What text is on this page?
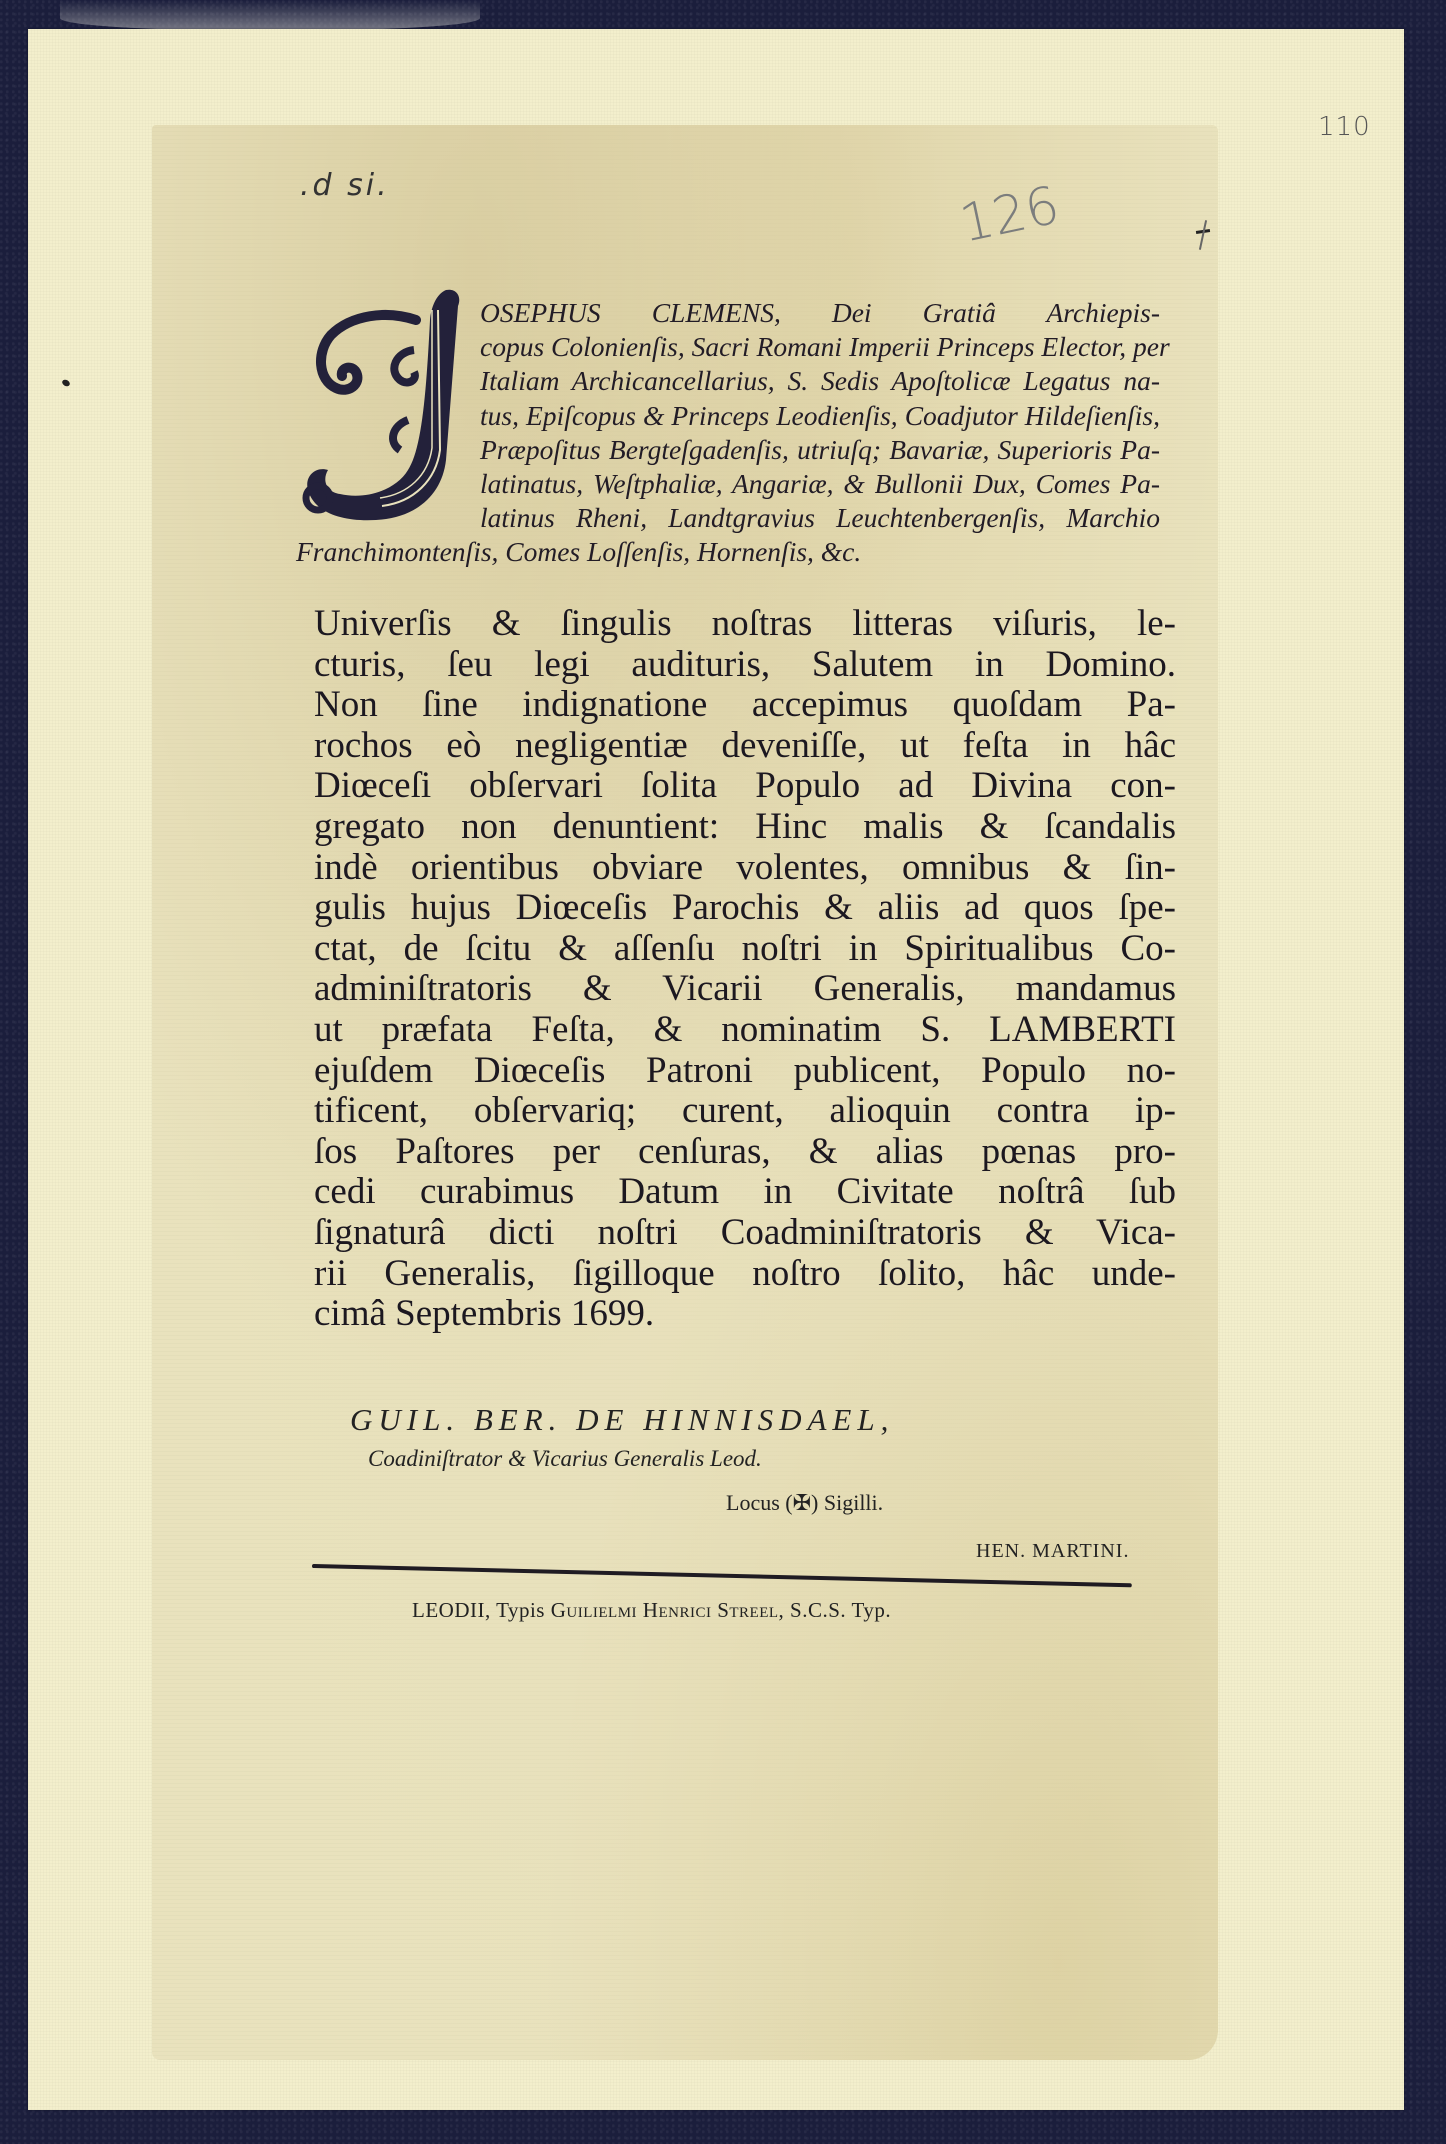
110
126
.d si.
OSEPHUS CLEMENS, Dei Gratiâ Archiepis-
copus Colonienſis, Sacri Romani Imperii Princeps Elector, per
Italiam Archicancellarius, S. Sedis Apoſtolicæ Legatus na-
tus, Epiſcopus & Princeps Leodienſis, Coadjutor Hildeſienſis,
Præpoſitus Bergteſgadenſis, utriuſq; Bavariæ, Superioris Pa-
latinatus, Weſtphaliæ, Angariæ, & Bullonii Dux, Comes Pa-
latinus Rheni, Landtgravius Leuchtenbergenſis, Marchio
Franchimontenſis, Comes Loſſenſis, Hornenſis, &c.
Univerſis & ſingulis noſtras litteras viſuris, le-
cturis, ſeu legi audituris, Salutem in Domino.
Non ſine indignatione accepimus quoſdam Pa-
rochos eò negligentiæ deveniſſe, ut feſta in hâc
Diœceſi obſervari ſolita Populo ad Divina con-
gregato non denuntient: Hinc malis & ſcandalis
indè orientibus obviare volentes, omnibus & ſin-
gulis hujus Diœceſis Parochis & aliis ad quos ſpe-
ctat, de ſcitu & aſſenſu noſtri in Spiritualibus Co-
adminiſtratoris & Vicarii Generalis, mandamus
ut præfata Feſta, & nominatim S. LAMBERTI
ejuſdem Diœceſis Patroni publicent, Populo no-
tificent, obſervariq; curent, alioquin contra ip-
ſos Paſtores per cenſuras, & alias pœnas pro-
cedi curabimus Datum in Civitate noſtrâ ſub
ſignaturâ dicti noſtri Coadminiſtratoris & Vica-
rii Generalis, ſigilloque noſtro ſolito, hâc unde-
cimâ Septembris 1699.
GUIL. BER. DE HINNISDAEL,
Coadiniſtrator & Vicarius Generalis Leod.
Locus (✠) Sigilli.
HEN. MARTINI.
LEODII, Typis Guilielmi Henrici Streel, S.C.S. Typ.
